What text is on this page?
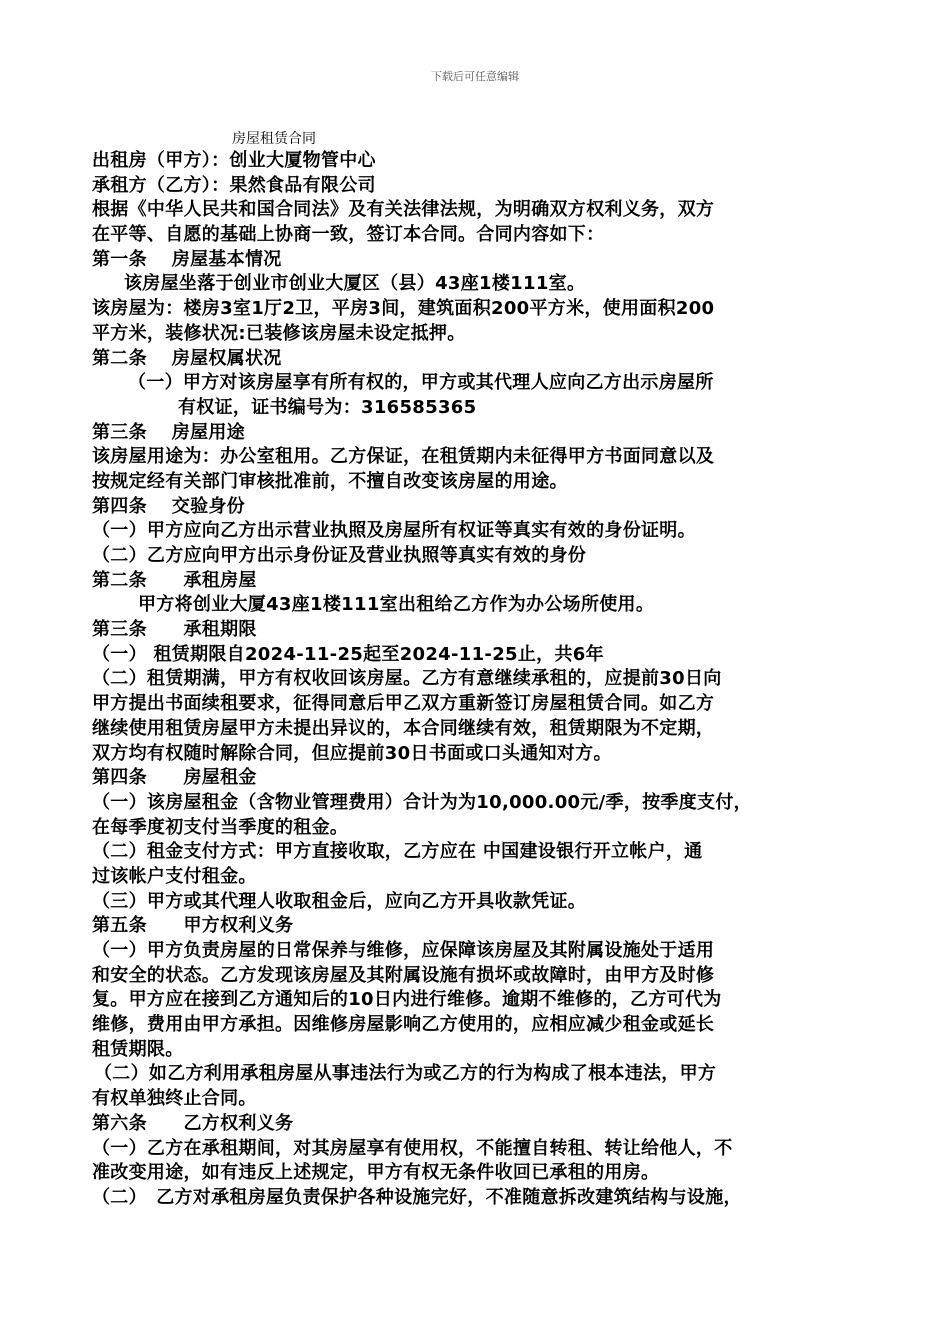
下载后可任意编辑
房屋租赁合同
出租房（甲方）：创业大厦物管中心
承租方（乙方）：果然食品有限公司
根据《中华人民共和国合同法》及有关法律法规，为明确双方权利义务，双方
在平等、自愿的基础上协商一致，签订本合同。合同内容如下：
第一条　 房屋基本情况
该房屋坐落于创业市创业大厦区（县）43座1楼111室。
该房屋为：楼房3室1厅2卫，平房3间，建筑面积200平方米，使用面积200
平方米，装修状况:已装修该房屋未设定抵押。
第二条　 房屋权属状况
（一）甲方对该房屋享有所有权的，甲方或其代理人应向乙方出示房屋所
有权证，证书编号为：316585365
第三条　 房屋用途
该房屋用途为：办公室租用。乙方保证，在租赁期内未征得甲方书面同意以及
按规定经有关部门审核批准前，不擅自改变该房屋的用途。
第四条　 交验身份
（一）甲方应向乙方出示营业执照及房屋所有权证等真实有效的身份证明。
（二）乙方应向甲方出示身份证及营业执照等真实有效的身份
第二条　　承租房屋
甲方将创业大厦43座1楼111室出租给乙方作为办公场所使用。
第三条　　承租期限
（一） 租赁期限自2024-11-25起至2024-11-25止，共6年
（二）租赁期满，甲方有权收回该房屋。乙方有意继续承租的，应提前30日向
甲方提出书面续租要求，征得同意后甲乙双方重新签订房屋租赁合同。如乙方
继续使用租赁房屋甲方未提出异议的，本合同继续有效，租赁期限为不定期，
双方均有权随时解除合同，但应提前30日书面或口头通知对方。
第四条　　房屋租金
（一）该房屋租金（含物业管理费用）合计为为10,000.00元/季，按季度支付，
在每季度初支付当季度的租金。
（二）租金支付方式：甲方直接收取，乙方应在 中国建设银行开立帐户，通
过该帐户支付租金。
（三）甲方或其代理人收取租金后，应向乙方开具收款凭证。
第五条　　甲方权利义务
（一）甲方负责房屋的日常保养与维修，应保障该房屋及其附属设施处于适用
和安全的状态。乙方发现该房屋及其附属设施有损坏或故障时，由甲方及时修
复。甲方应在接到乙方通知后的10日内进行维修。逾期不维修的，乙方可代为
维修，费用由甲方承担。因维修房屋影响乙方使用的，应相应减少租金或延长
租赁期限。
（二）如乙方利用承租房屋从事违法行为或乙方的行为构成了根本违法，甲方
有权单独终止合同。
第六条　　乙方权利义务
（一）乙方在承租期间，对其房屋享有使用权，不能擅自转租、转让给他人，不
准改变用途，如有违反上述规定，甲方有权无条件收回已承租的用房。
（二）　乙方对承租房屋负责保护各种设施完好，不准随意拆改建筑结构与设施，
